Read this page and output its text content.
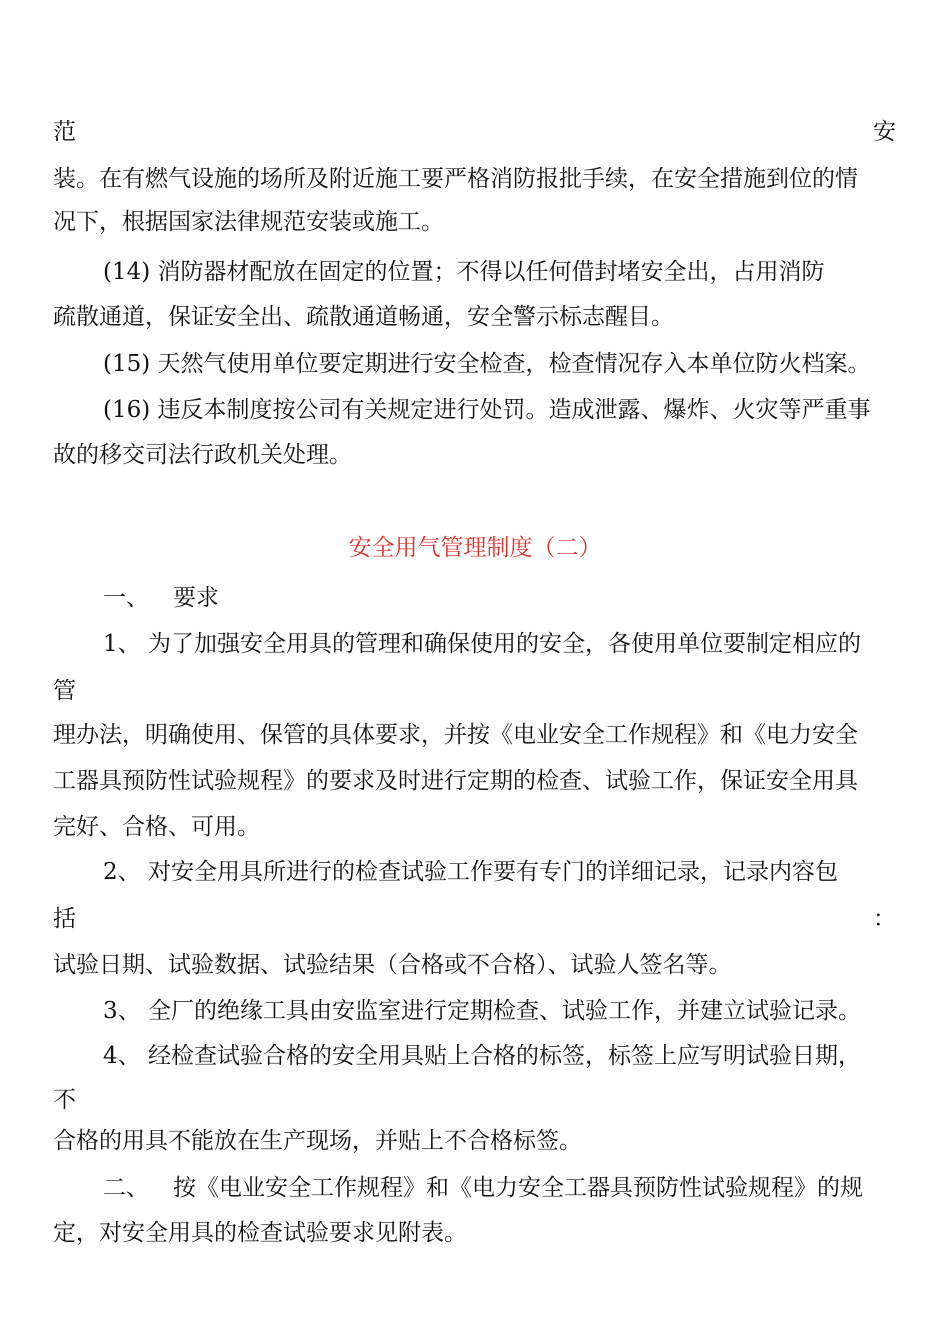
范	安
装。在有燃气设施的场所及附近施工要严格消防报批手续，在安全措施到位的情
况下，根据国家法律规范安装或施工。
(14) 消防器材配放在固定的位置；不得以任何借封堵安全出，占用消防
疏散通道，保证安全出、疏散通道畅通，安全警示标志醒目。
(15) 天然气使用单位要定期进行安全检查，检查情况存入本单位防火档案。
(16) 违反本制度按公司有关规定进行处罚。造成泄露、爆炸、火灾等严重事
故的移交司法行政机关处理。
安全用气管理制度（二）
一、 要求
1、 为了加强安全用具的管理和确保使用的安全，各使用单位要制定相应的
管
理办法，明确使用、保管的具体要求，并按《电业安全工作规程》和《电力安全
工器具预防性试验规程》的要求及时进行定期的检查、试验工作，保证安全用具
完好、合格、可用。
2、 对安全用具所进行的检查试验工作要有专门的详细记录，记录内容包
括	：
试验日期、试验数据、试验结果（合格或不合格）、试验人签名等。
3、 全厂的绝缘工具由安监室进行定期检查、试验工作，并建立试验记录。
4、 经检查试验合格的安全用具贴上合格的标签，标签上应写明试验日期，
不
合格的用具不能放在生产现场，并贴上不合格标签。
二、 按《电业安全工作规程》和《电力安全工器具预防性试验规程》的规
定，对安全用具的检查试验要求见附表。
